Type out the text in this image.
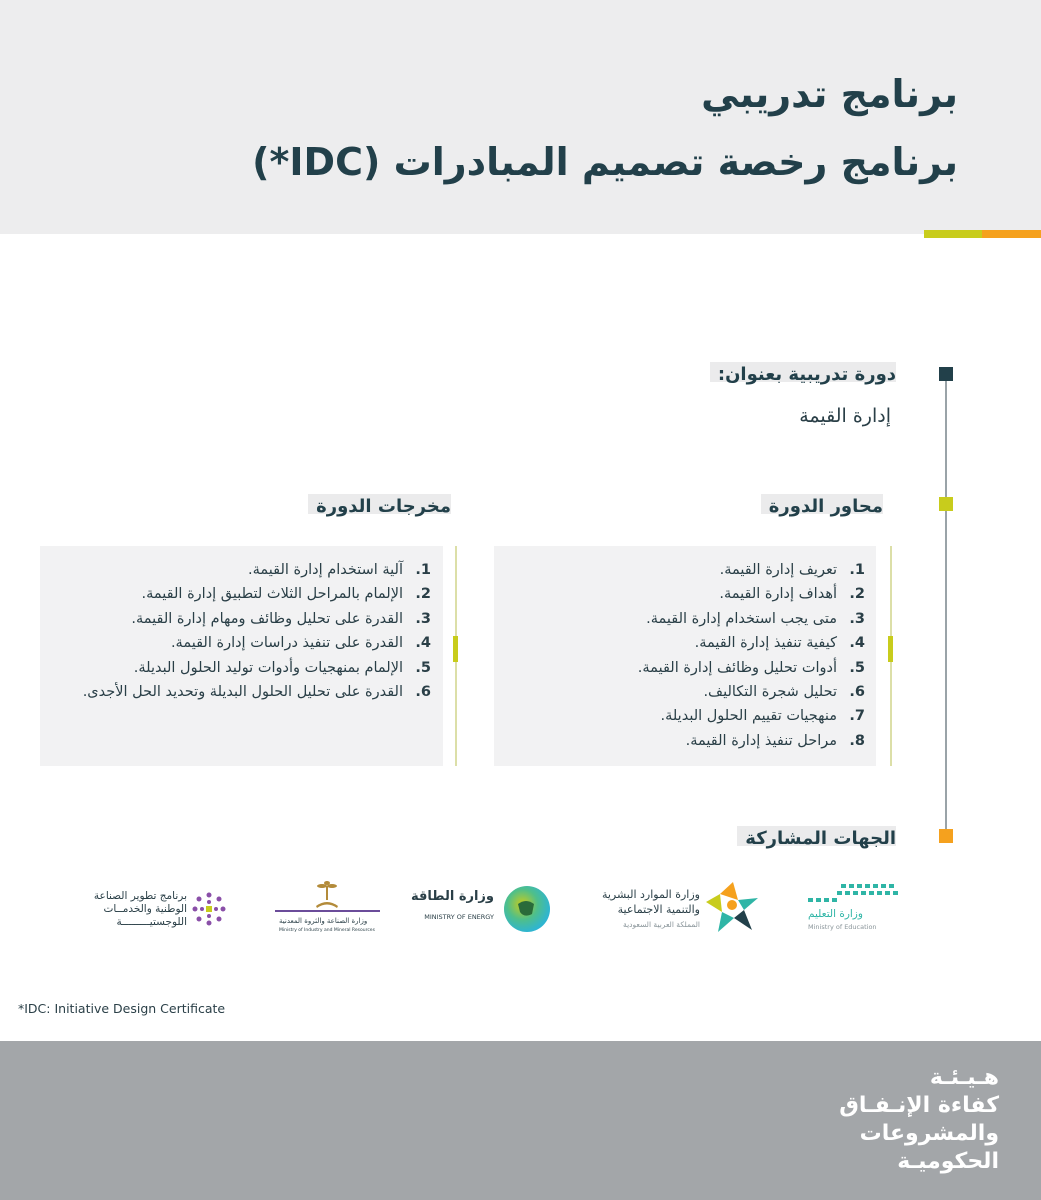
برنامج تدريبي
برنامج رخصة تصميم المبادرات (IDC*)
دورة تدريبية بعنوان:
إدارة القيمة
محاور الدورة
مخرجات الدورة
1.تعريف إدارة القيمة.
2.أهداف إدارة القيمة.
3.متى يجب استخدام إدارة القيمة.
4.كيفية تنفيذ إدارة القيمة.
5.أدوات تحليل وظائف إدارة القيمة.
6.تحليل شجرة التكاليف.
7.منهجيات تقييم الحلول البديلة.
8.مراحل تنفيذ إدارة القيمة.
1.آلية استخدام إدارة القيمة.
2.الإلمام بالمراحل الثلاث لتطبيق إدارة القيمة.
3.القدرة على تحليل وظائف ومهام إدارة القيمة.
4.القدرة على تنفيذ دراسات إدارة القيمة.
5.الإلمام بمنهجيات وأدوات توليد الحلول البديلة.
6.القدرة على تحليل الحلول البديلة وتحديد الحل الأجدى.
الجهات المشاركة
وزارة التعليم
Ministry of Education
وزارة الموارد البشرية
والتنمية الاجتماعية
المملكة العربية السعودية
وزارة الطاقة
MINISTRY OF ENERGY
وزارة الصناعة والثروة المعدنية
Ministry of Industry and Mineral Resources
برنامج تطوير الصناعة
الوطنية والخدمــات
اللوجستيـــــــــة
*IDC: Initiative Design Certificate
هـيـئـة
كفاءة الإنـفـاق
والمشروعات
الحكوميـة
